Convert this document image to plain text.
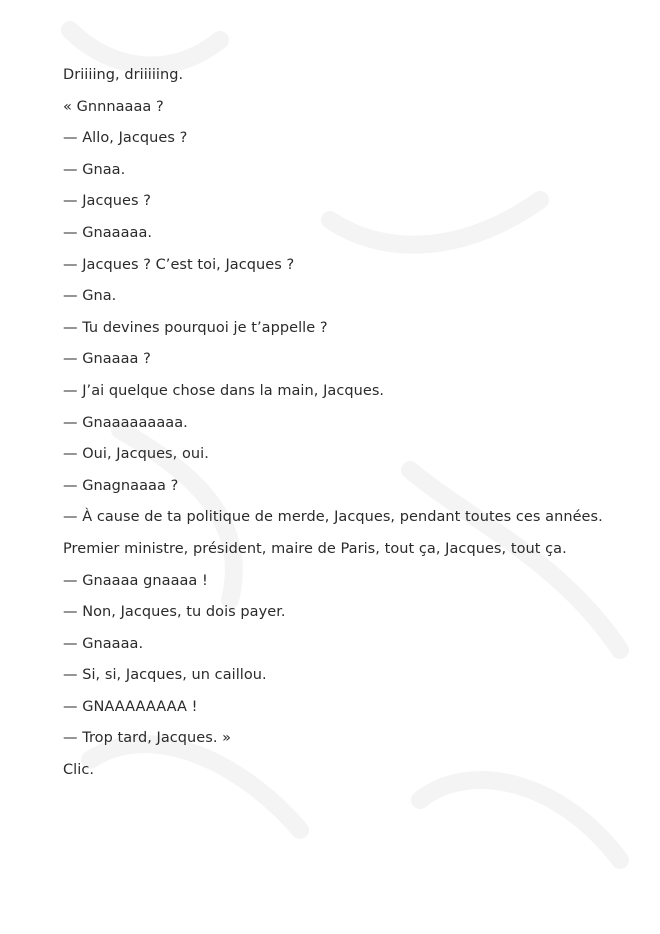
Driiiing, driiiiing.

« Gnnnaaaa ?

— Allo, Jacques ?

— Gnaa.

— Jacques ?

— Gnaaaaa.

— Jacques ? C’est toi, Jacques ?

— Gna.

— Tu devines pourquoi je t’appelle ?

— Gnaaaa ?

— J’ai quelque chose dans la main, Jacques.

— Gnaaaaaaaaa.

— Oui, Jacques, oui.

— Gnagnaaaa ?

— À cause de ta politique de merde, Jacques, pendant toutes ces années.

Premier ministre, président, maire de Paris, tout ça, Jacques, tout ça.

— Gnaaaa gnaaaa !

— Non, Jacques, tu dois payer.

— Gnaaaa.

— Si, si, Jacques, un caillou.

— GNAAAAAAAA !

— Trop tard, Jacques. »

Clic.
